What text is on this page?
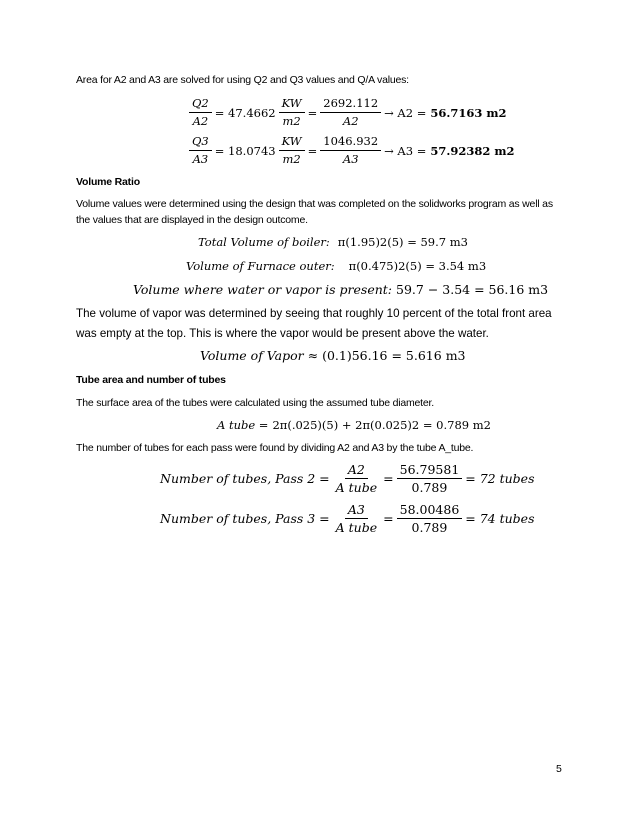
Area for A2 and A3 are solved for using Q2 and Q3 values and Q/A values:

$\frac{Q2}{A2} = 47.4662 \frac{KW}{m2} = \frac{2692.112}{A2} \to A2 = 56.7163$ m2
$\frac{Q3}{A3} = 18.0743 \frac{KW}{m2} = \frac{1046.932}{A3} \to A3 = 57.92382$ m2

Volume Ratio

Volume values were determined using the design that was completed on the solidworks program as well as the values that are displayed in the design outcome.

Total Volume of boiler: π(1.95)2(5) = 59.7 m3
Volume of Furnace outer: π(0.475)2(5) = 3.54 m3
Volume where water or vapor is present: 59.7 − 3.54 = 56.16 m3

The volume of vapor was determined by seeing that roughly 10 percent of the total front area was empty at the top. This is where the vapor would be present above the water.

Volume of Vapor ≈ (0.1)56.16 = 5.616 m3

Tube area and number of tubes

The surface area of the tubes were calculated using the assumed tube diameter.

A tube = 2π(.025)(5) + 2π(0.025)2 = 0.789 m2

The number of tubes for each pass were found by dividing A2 and A3 by the tube A_tube.

Number of tubes, Pass $2 = \frac{A2}{\text{A tube}} = \frac{56.79581}{0.789} = 72$ tubes
Number of tubes, Pass $3 = \frac{A3}{\text{A tube}} = \frac{58.00486}{0.789} = 74$ tubes
5
